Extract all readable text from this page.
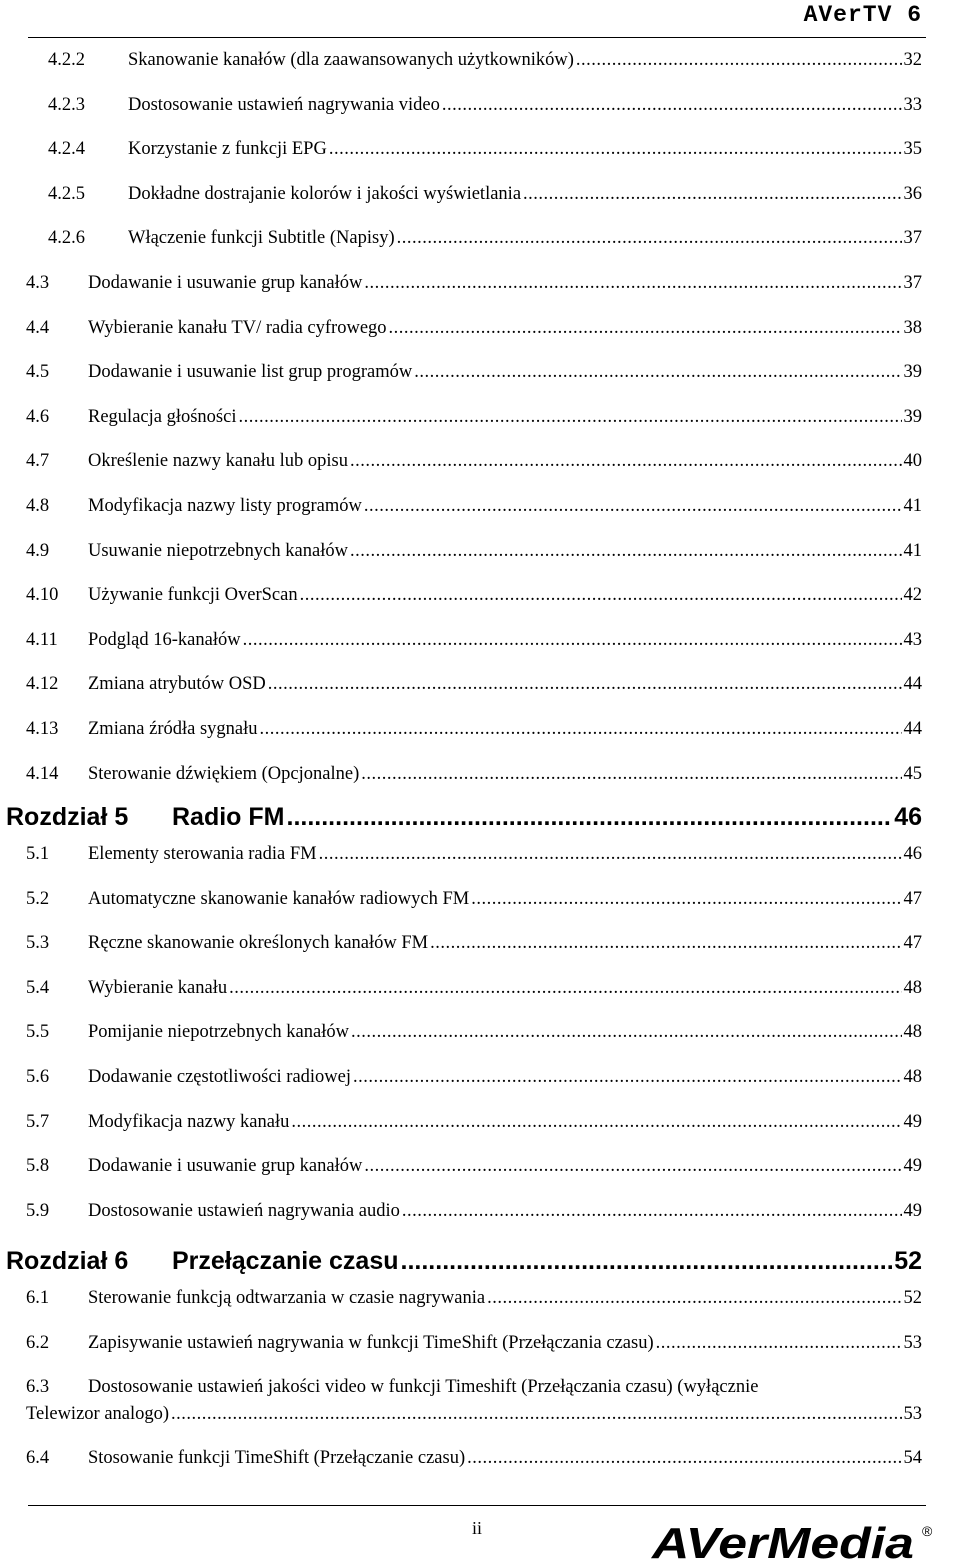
AVerTV 6
4.2.2	Skanowanie kanałów (dla zaawansowanych użytkowników) .....	32
4.2.3	Dostosowanie ustawień nagrywania video .....	33
4.2.4	Korzystanie z funkcji EPG .....	35
4.2.5	Dokładne dostrajanie kolorów i jakości wyświetlania .....	36
4.2.6	Włączenie funkcji Subtitle (Napisy) .....	37
4.3	Dodawanie i usuwanie grup kanałów .....	37
4.4	Wybieranie kanału TV/ radia cyfrowego .....	38
4.5	Dodawanie i usuwanie list grup programów .....	39
4.6	Regulacja głośności .....	39
4.7	Określenie nazwy kanału lub opisu .....	40
4.8	Modyfikacja nazwy listy programów .....	41
4.9	Usuwanie niepotrzebnych kanałów .....	41
4.10	Używanie funkcji OverScan .....	42
4.11	Podgląd 16-kanałów .....	43
4.12	Zmiana atrybutów OSD .....	44
4.13	Zmiana źródła sygnału .....	44
4.14	Sterowanie dźwiękiem (Opcjonalne) .....	45
Rozdział 5	Radio FM .....	46
5.1	Elementy sterowania radia FM .....	46
5.2	Automatyczne skanowanie kanałów radiowych FM .....	47
5.3	Ręczne skanowanie określonych kanałów FM .....	47
5.4	Wybieranie kanału .....	48
5.5	Pomijanie niepotrzebnych kanałów .....	48
5.6	Dodawanie częstotliwości radiowej .....	48
5.7	Modyfikacja nazwy kanału .....	49
5.8	Dodawanie i usuwanie grup kanałów .....	49
5.9	Dostosowanie ustawień nagrywania audio .....	49
Rozdział 6	Przełączanie czasu .....	52
6.1	Sterowanie funkcją odtwarzania w czasie nagrywania .....	52
6.2	Zapisywanie ustawień nagrywania w funkcji TimeShift (Przełączania czasu) .....	53
6.3	Dostosowanie ustawień jakości video w funkcji Timeshift (Przełączania czasu) (wyłącznie
Telewizor analogo) .....	53
6.4	Stosowanie funkcji TimeShift (Przełączanie czasu) .....	54
ii	AVerMedia ®
